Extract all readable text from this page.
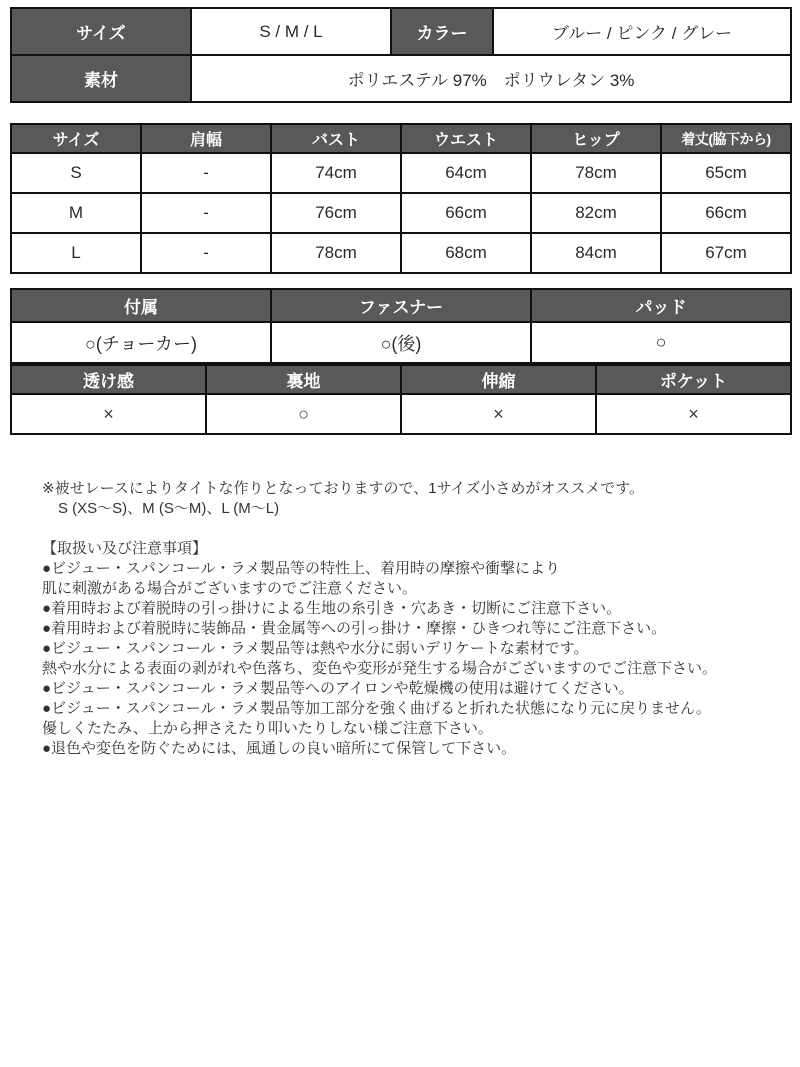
サイズ	S / M / L	カラー	ブルー / ピンク / グレー
素材	ポリエステル 97%　ポリウレタン 3%		
サイズ	肩幅	バスト	ウエスト	ヒップ	着丈(脇下から)
S	-	74cm	64cm	78cm	65cm
M	-	76cm	66cm	82cm	66cm
L	-	78cm	68cm	84cm	67cm
付属	ファスナー	パッド
○(チョーカー)	○(後)	○
透け感	裏地	伸縮	ポケット
×	○	×	×
※被せレースによりタイトな作りとなっておりますので、1サイズ小さめがオススメです。
S (XS～S)、M (S～M)、L (M～L)
【取扱い及び注意事項】
●ビジュー・スパンコール・ラメ製品等の特性上、着用時の摩擦や衝撃により
肌に刺激がある場合がございますのでご注意ください。
●着用時および着脱時の引っ掛けによる生地の糸引き・穴あき・切断にご注意下さい。
●着用時および着脱時に装飾品・貴金属等への引っ掛け・摩擦・ひきつれ等にご注意下さい。
●ビジュー・スパンコール・ラメ製品等は熱や水分に弱いデリケートな素材です。
熱や水分による表面の剥がれや色落ち、変色や変形が発生する場合がございますのでご注意下さい。
●ビジュー・スパンコール・ラメ製品等へのアイロンや乾燥機の使用は避けてください。
●ビジュー・スパンコール・ラメ製品等加工部分を強く曲げると折れた状態になり元に戻りません。
優しくたたみ、上から押さえたり叩いたりしない様ご注意下さい。
●退色や変色を防ぐためには、風通しの良い暗所にて保管して下さい。
